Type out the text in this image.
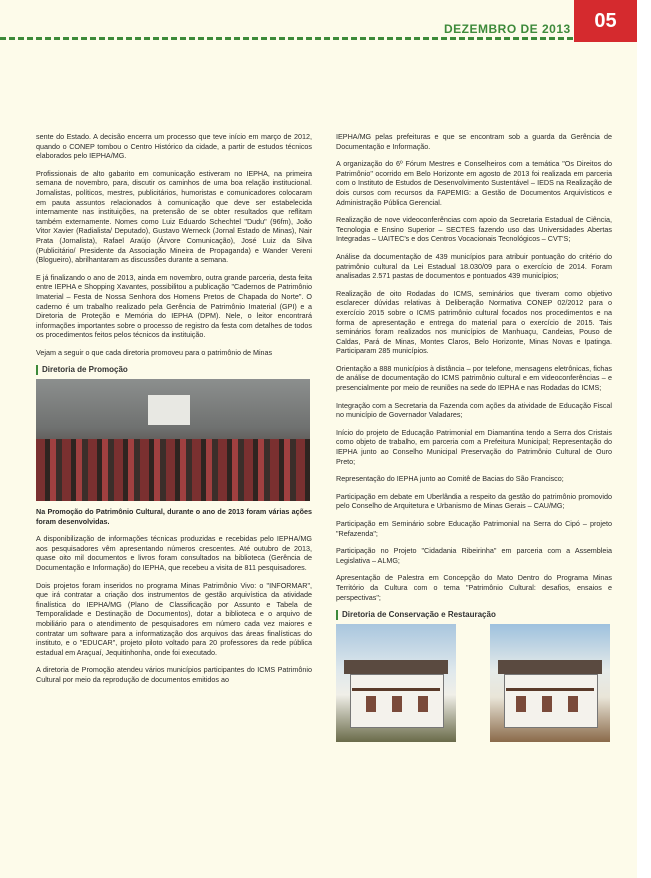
DEZEMBRO DE 2013	05

sente do Estado. A decisão encerra um processo que teve início em março de 2012, quando o CONEP tombou o Centro Histórico da cidade, a partir de estudos técnicos elaborados pelo IEPHA/MG.

Profissionais de alto gabarito em comunicação estiveram no IEPHA, na primeira semana de novembro, para, discutir os caminhos de uma boa relação institucional. Jornalistas, políticos, mestres, publicitários, humoristas e comunicadores colocaram em pauta assuntos relacionados à comunicação que deve ser estabelecida internamente nas instituições, na pretensão de se obter resultados que reflitam também externamente. Nomes como Luiz Eduardo Schechtel "Dudu" (96fm), João Vitor Xavier (Radialista/ Deputado), Gustavo Werneck (Jornal Estado de Minas), Nair Prata (Jornalista), Rafael Araújo (Árvore Comunicação), José Luiz da Silva (Publicitário/ Presidente da Associação Mineira de Propaganda) e Wander Vereni (Blogueiro), abrilhantaram as discussões durante a semana.

E já finalizando o ano de 2013, ainda em novembro, outra grande parceria, desta feita entre IEPHA e Shopping Xavantes, possibilitou a publicação "Cadernos de Patrimônio Imaterial – Festa de Nossa Senhora dos Homens Pretos de Chapada do Norte". O caderno é um trabalho realizado pela Gerência de Patrimônio Imaterial (GPI) e a Diretoria de Proteção e Memória do IEPHA (DPM). Nele, o leitor encontrará informações importantes sobre o processo de registro da festa com detalhes de todos os procedimentos feitos pelos técnicos da instituição.

Vejam a seguir o que cada diretoria promoveu para o patrimônio de Minas

Diretoria de Promoção

Na Promoção do Patrimônio Cultural, durante o ano de 2013 foram várias ações foram desenvolvidas.

A disponibilização de informações técnicas produzidas e recebidas pelo IEPHA/MG aos pesquisadores vêm apresentando números crescentes. Até outubro de 2013, quase oito mil documentos e livros foram consultados na biblioteca (Gerência de Documentação e Informação) do IEPHA, que recebeu a visita de 811 pesquisadores.

Dois projetos foram inseridos no programa Minas Patrimônio Vivo: o "INFORMAR", que irá contratar a criação dos instrumentos de gestão arquivística da atividade finalística do IEPHA/MG (Plano de Classificação por Assunto e Tabela de Temporalidade e Destinação de Documentos), dotar a biblioteca e o arquivo de mobiliário para o atendimento de pesquisadores em número cada vez maiores e contratar um software para a informatização dos arquivos das áreas finalísticas do instituto, e o "EDUCAR", projeto piloto voltado para 20 professores da rede pública estadual em Araçuaí, Jequitinhonha, onde foi executado.

A diretoria de Promoção atendeu vários municípios participantes do ICMS Patrimônio Cultural por meio da reprodução de documentos emitidos ao

IEPHA/MG pelas prefeituras e que se encontram sob a guarda da Gerência de Documentação e Informação.

A organização do 6º Fórum Mestres e Conselheiros com a temática "Os Direitos do Patrimônio" ocorrido em Belo Horizonte em agosto de 2013 foi realizada em parceria com o Instituto de Estudos de Desenvolvimento Sustentável – IEDS na Realização de dois cursos com recursos da FAPEMIG: a Gestão de Documentos Arquivísticos e Administração Pública Gerencial.

Realização de nove videoconferências com apoio da Secretaria Estadual de Ciência, Tecnologia e Ensino Superior – SECTES fazendo uso das Universidades Abertas Integradas – UAITEC's e dos Centros Vocacionais Tecnológicos – CVT'S;

Análise da documentação de 439 municípios para atribuir pontuação do critério do patrimônio cultural da Lei Estadual 18.030/09 para o exercício de 2014. Foram analisadas 2.571 pastas de documentos e pontuados 439 municípios;

Realização de oito Rodadas do ICMS, seminários que tiveram como objetivo esclarecer dúvidas relativas à Deliberação Normativa CONEP 02/2012 para o exercício 2015 sobre o ICMS patrimônio cultural focados nos procedimentos e na forma de apresentação e entrega do material para o exercício de 2015. Tais seminários foram realizados nos municípios de Manhuaçu, Candeias, Pouso de Caldas, Pará de Minas, Montes Claros, Belo Horizonte, Minas Novas e Ipatinga. Participaram 285 municípios.

Orientação a 888 municípios à distância – por telefone, mensagens eletrônicas, fichas de análise de documentação do ICMS patrimônio cultural e em videoconferências – e presencialmente por meio de reuniões na sede do IEPHA e nas Rodadas do ICMS;

Integração com a Secretaria da Fazenda com ações da atividade de Educação Fiscal no município de Governador Valadares;

Início do projeto de Educação Patrimonial em Diamantina tendo a Serra dos Cristais como objeto de trabalho, em parceria com a Prefeitura Municipal; Representação do IEPHA junto ao Conselho Municipal Preservação do Patrimônio Cultural de Ouro Preto;

Representação do IEPHA junto ao Comitê de Bacias do São Francisco;

Participação em debate em Uberlândia a respeito da gestão do patrimônio promovido pelo Conselho de Arquitetura e Urbanismo de Minas Gerais – CAU/MG;

Participação em Seminário sobre Educação Patrimonial na Serra do Cipó – projeto "Refazenda";

Participação no Projeto "Cidadania Ribeirinha" em parceria com a Assembleia Legislativa – ALMG;

Apresentação de Palestra em Concepção do Mato Dentro do Programa Minas Território da Cultura com o tema "Patrimônio Cultural: desafios, ensaios e perspectivas";

Diretoria de Conservação e Restauração
